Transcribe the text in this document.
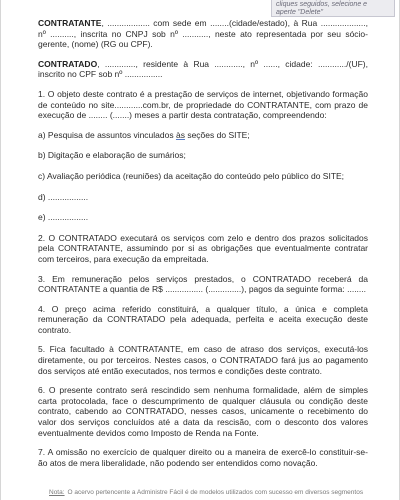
cliques seguidos, selecione e
aperte "Delete"

CONTRATANTE, .................. com sede em ........(cidade/estado), à Rua ..................., nº .........., inscrita no CNPJ sob nº ..........., neste ato representada por seu sócio-gerente, (nome) (RG ou CPF).

CONTRATADO, ............., residente à Rua ............, nº ......, cidade: ............/(UF), inscrito no CPF sob nº ................

1. O objeto deste contrato é a prestação de serviços de internet, objetivando formação de conteúdo no site............com.br, de propriedade do CONTRATANTE, com prazo de execução de ........ (.......) meses a partir desta contratação, compreendendo:

a) Pesquisa de assuntos vinculados às seções do SITE;

b) Digitação e elaboração de sumários;

c) Avaliação periódica (reuniões) da aceitação do conteúdo pelo público do SITE;

d) .................

e) .................

2. O CONTRATADO executará os serviços com zelo e dentro dos prazos solicitados pela CONTRATANTE, assumindo por si as obrigações que eventualmente contratar com terceiros, para execução da empreitada.

3. Em remuneração pelos serviços prestados, o CONTRATADO receberá da CONTRATANTE a quantia de R$ ................ (..............), pagos da seguinte forma: ........

4. O preço acima referido constituirá, a qualquer título, a única e completa remuneração da CONTRATADO pela adequada, perfeita e aceita execução deste contrato.

5. Fica facultado à CONTRATANTE, em caso de atraso dos serviços, executá-los diretamente, ou por terceiros. Nestes casos, o CONTRATADO fará jus ao pagamento dos serviços até então executados, nos termos e condições deste contrato.

6. O presente contrato será rescindido sem nenhuma formalidade, além de simples carta protocolada, face o descumprimento de qualquer cláusula ou condição deste contrato, cabendo ao CONTRATADO, nesses casos, unicamente o recebimento do valor dos serviços concluídos até a data da rescisão, com o desconto dos valores eventualmente devidos como Imposto de Renda na Fonte.

7. A omissão no exercício de qualquer direito ou a maneira de exercê-lo constituir-se-ão atos de mera liberalidade, não podendo ser entendidos como novação.

Nota: O acervo pertencente a Administre Fácil é de modelos utilizados com sucesso em diversos segmentos
